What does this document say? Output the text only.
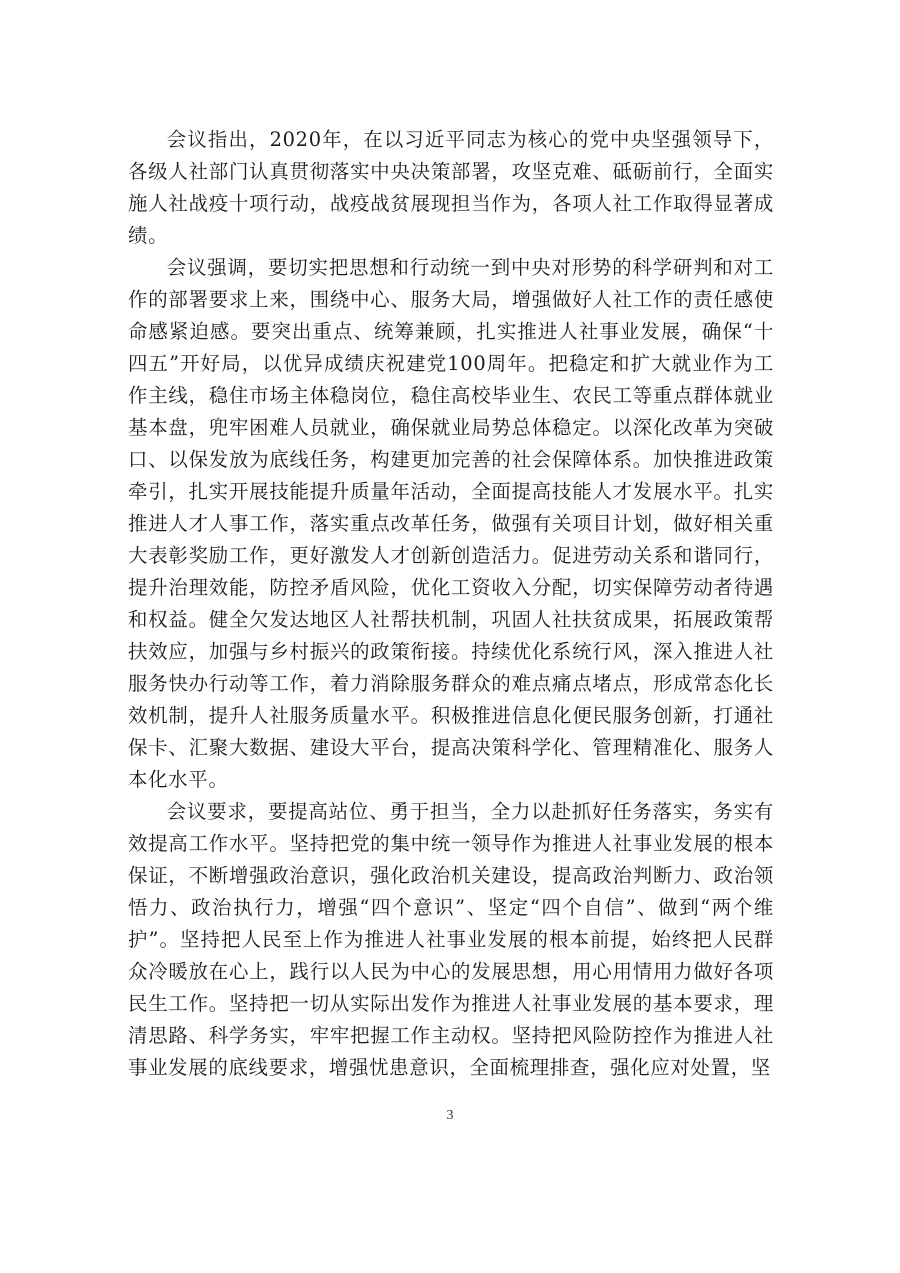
会议指出，2020年，在以习近平同志为核心的党中央坚强领导下，各级人社部门认真贯彻落实中央决策部署，攻坚克难、砥砺前行，全面实施人社战疫十项行动，战疫战贫展现担当作为，各项人社工作取得显著成绩。

会议强调，要切实把思想和行动统一到中央对形势的科学研判和对工作的部署要求上来，围绕中心、服务大局，增强做好人社工作的责任感使命感紧迫感。要突出重点、统筹兼顾，扎实推进人社事业发展，确保“十四五”开好局，以优异成绩庆祝建党100周年。把稳定和扩大就业作为工作主线，稳住市场主体稳岗位，稳住高校毕业生、农民工等重点群体就业基本盘，兜牢困难人员就业，确保就业局势总体稳定。以深化改革为突破口、以保发放为底线任务，构建更加完善的社会保障体系。加快推进政策牵引，扎实开展技能提升质量年活动，全面提高技能人才发展水平。扎实推进人才人事工作，落实重点改革任务，做强有关项目计划，做好相关重大表彰奖励工作，更好激发人才创新创造活力。促进劳动关系和谐同行，提升治理效能，防控矛盾风险，优化工资收入分配，切实保障劳动者待遇和权益。健全欠发达地区人社帮扶机制，巩固人社扶贫成果，拓展政策帮扶效应，加强与乡村振兴的政策衔接。持续优化系统行风，深入推进人社服务快办行动等工作，着力消除服务群众的难点痛点堵点，形成常态化长效机制，提升人社服务质量水平。积极推进信息化便民服务创新，打通社保卡、汇聚大数据、建设大平台，提高决策科学化、管理精准化、服务人本化水平。

会议要求，要提高站位、勇于担当，全力以赴抓好任务落实，务实有效提高工作水平。坚持把党的集中统一领导作为推进人社事业发展的根本保证，不断增强政治意识，强化政治机关建设，提高政治判断力、政治领悟力、政治执行力，增强“四个意识”、坚定“四个自信”、做到“两个维护”。坚持把人民至上作为推进人社事业发展的根本前提，始终把人民群众冷暖放在心上，践行以人民为中心的发展思想，用心用情用力做好各项民生工作。坚持把一切从实际出发作为推进人社事业发展的基本要求，理清思路、科学务实，牢牢把握工作主动权。坚持把风险防控作为推进人社事业发展的底线要求，增强忧患意识，全面梳理排查，强化应对处置，坚

3
